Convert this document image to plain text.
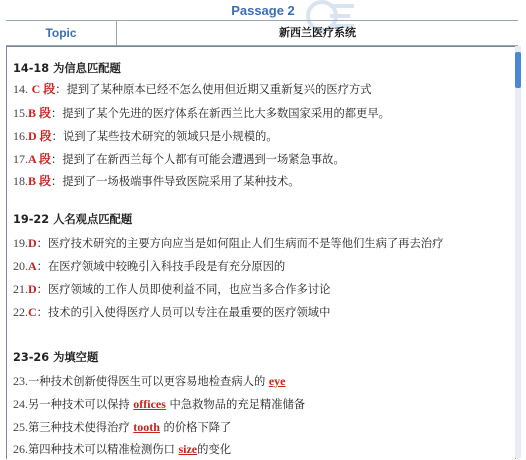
Passage 2
Topic	新西兰医疗系统
14-18 为信息匹配题
14. C 段：提到了某种原本已经不怎么使用但近期又重新复兴的医疗方式
15.B 段：提到了某个先进的医疗体系在新西兰比大多数国家采用的都更早。
16.D 段：说到了某些技术研究的领域只是小规模的。
17.A 段：提到了在新西兰每个人都有可能会遭遇到一场紧急事故。
18.B 段：提到了一场极端事件导致医院采用了某种技术。
19-22 人名观点匹配题
19.D：医疗技术研究的主要方向应当是如何阻止人们生病而不是等他们生病了再去治疗
20.A：在医疗领域中较晚引入科技手段是有充分原因的
21.D：医疗领域的工作人员即使利益不同，也应当多合作多讨论
22.C：技术的引入使得医疗人员可以专注在最重要的医疗领域中
23-26 为填空题
23.一种技术创新使得医生可以更容易地检查病人的 eye
24.另一种技术可以保持 offices 中急救物品的充足精准储备
25.第三种技术使得治疗 tooth 的价格下降了
26.第四种技术可以精准检测伤口 size的变化
